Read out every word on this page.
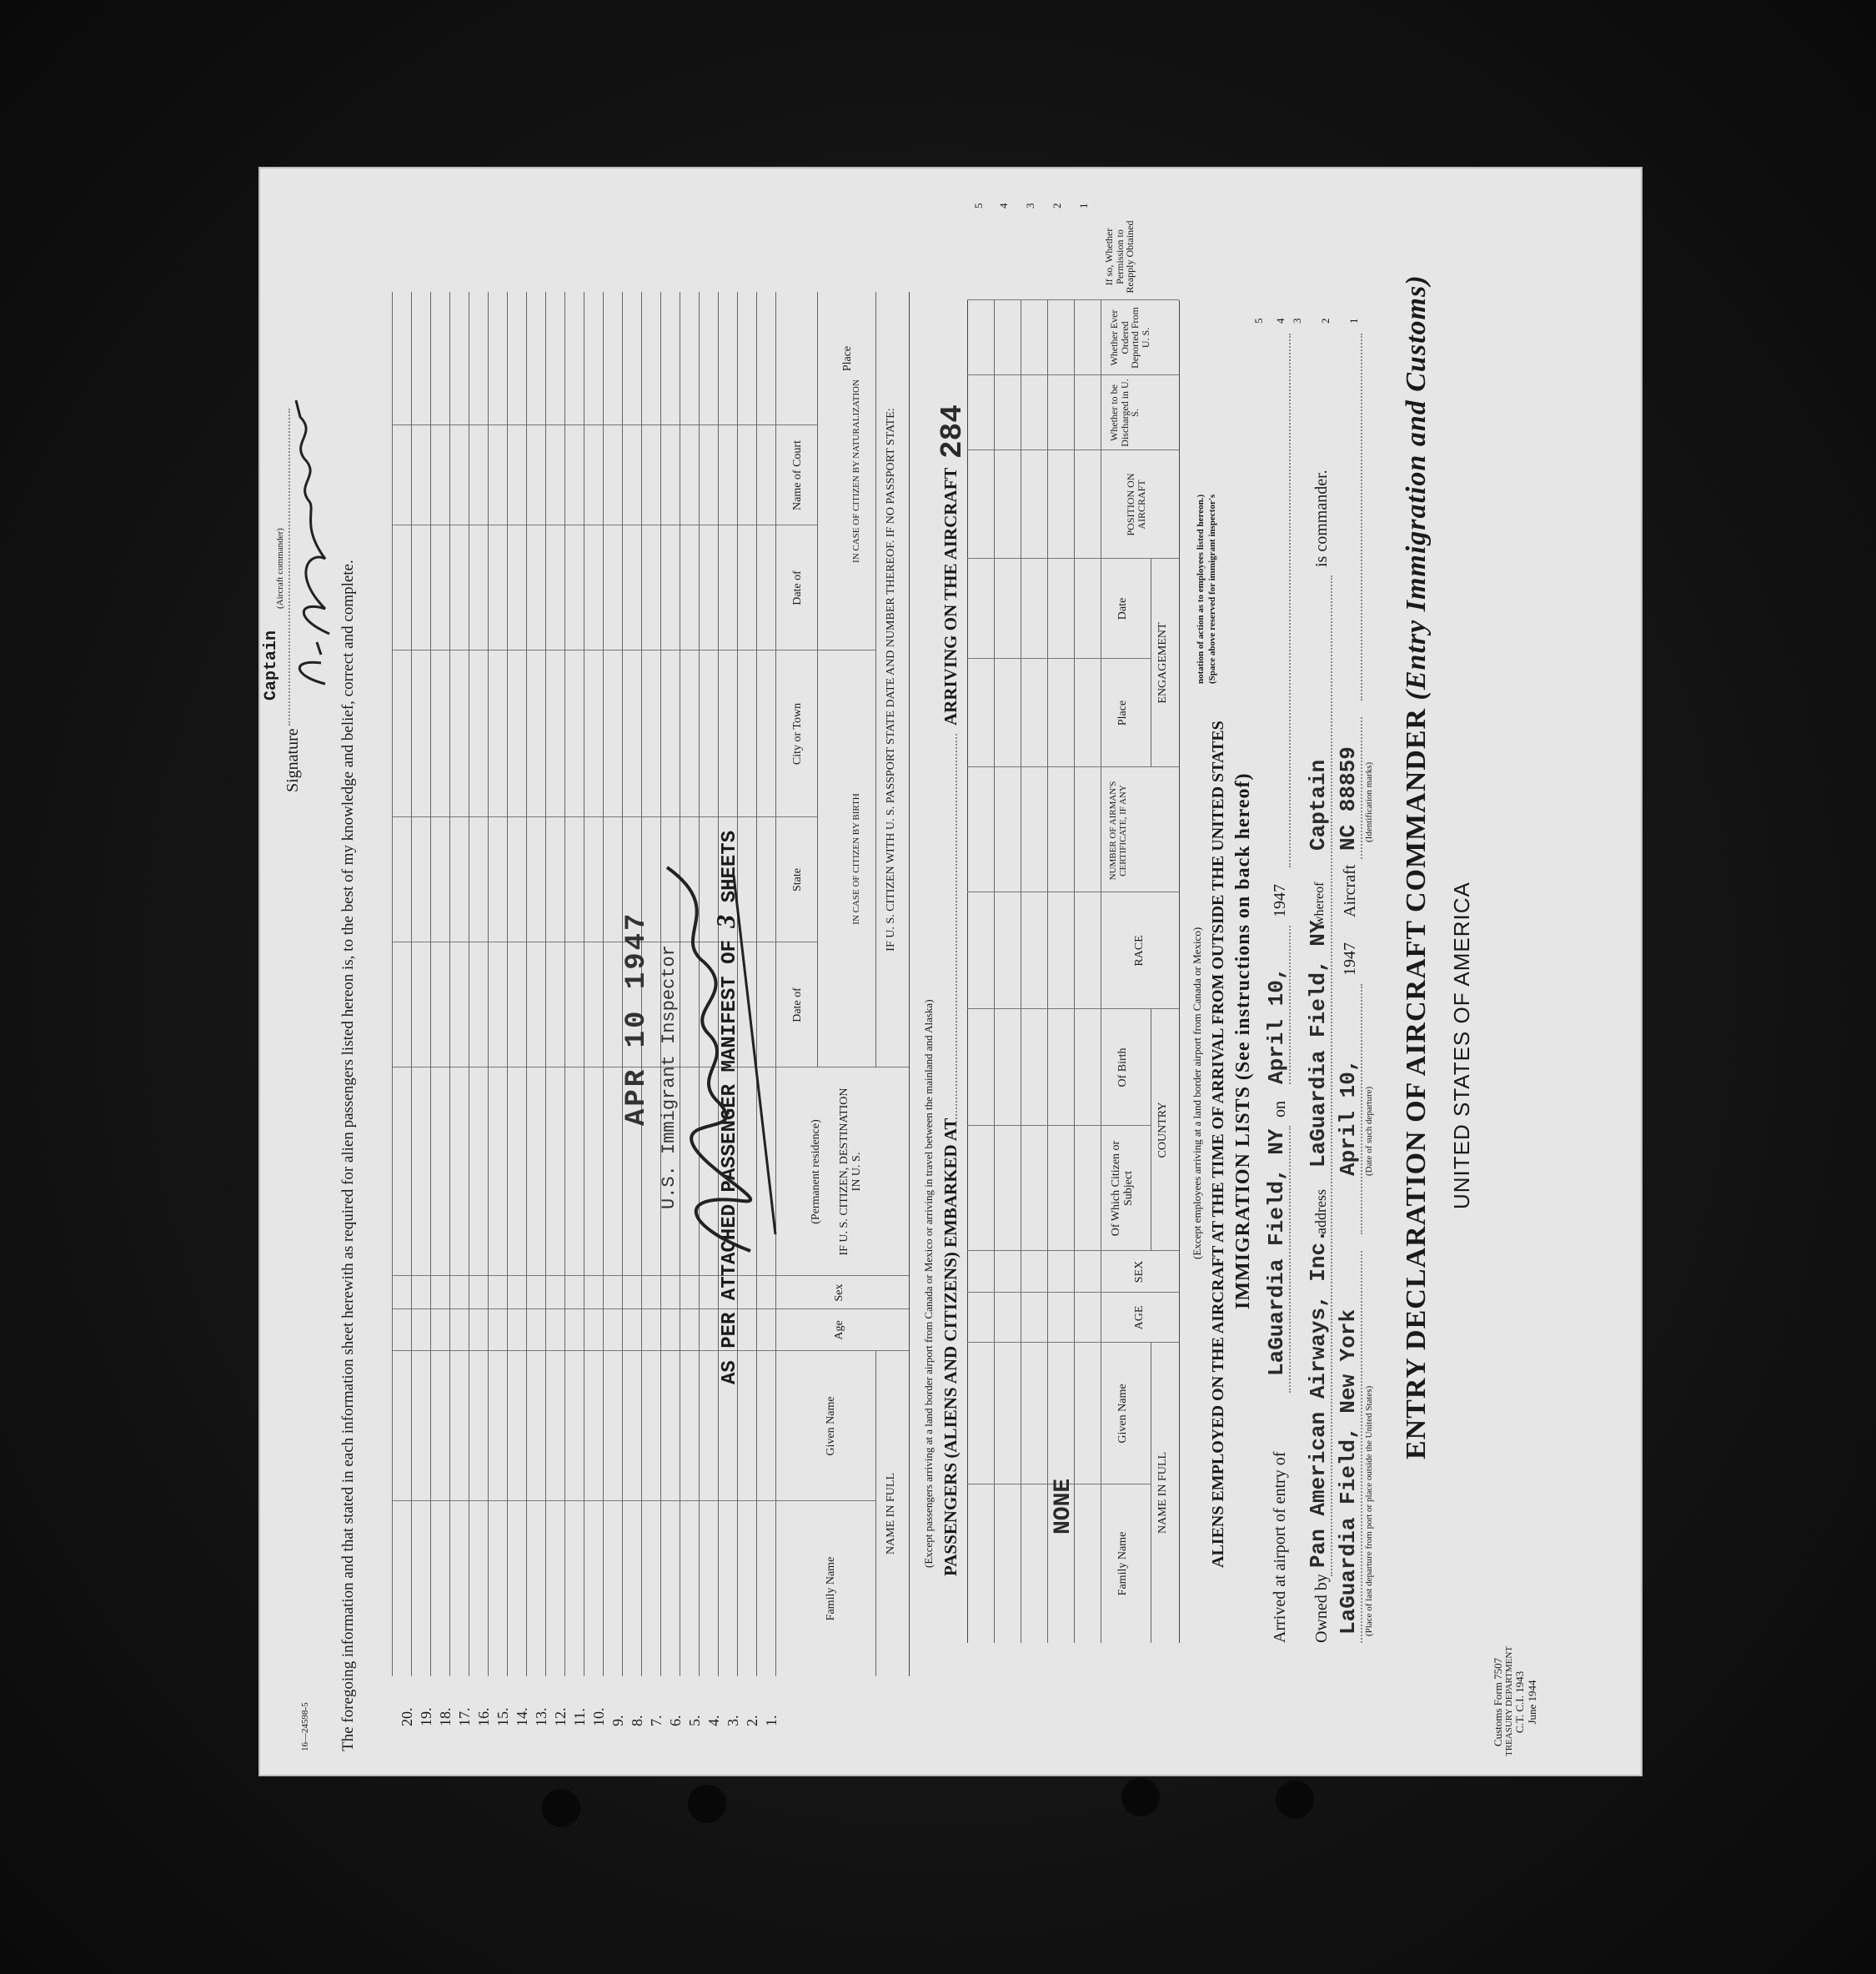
Customs Form 7507 TREASURY DEPARTMENT C.T. C.I. 1943 June 1944
UNITED STATES OF AMERICA
ENTRY DECLARATION OF AIRCRAFT COMMANDER (Entry Immigration and Customs)
LaGuardia Field, New York (Place of last departure from port or place outside the United States)
April 10, (Date of such departure)
1947
Aircraft
NC 88859 (Identification marks)
1
Owned by
Pan American Airways, Inc.
address
LaGuardia Field, NY
whereof
Captain
is commander.
2
3
Arrived at airport of entry of
LaGuardia Field, NY
on
April 10,
1947
4
5
IMMIGRATION LISTS (See instructions on back hereof)
ALIENS EMPLOYED ON THE AIRCRAFT AT THE TIME OF ARRIVAL FROM OUTSIDE THE UNITED STATES
(Except employees arriving at a land border airport from Canada or Mexico)
(Space above reserved for immigrant inspector's
notation of action as to employees listed hereon.)
NAME IN FULL
Family Name
Given Name
AGE
SEX
COUNTRY
Of Which Citizen or Subject
Of Birth
RACE
NUMBER OF AIRMAN'S CERTIFICATE, IF ANY
ENGAGEMENT
Place
Date
POSITION ON AIRCRAFT
Whether to be Discharged in U. S.
Whether Ever Ordered Deported From U. S.
If so, Whether Permission to Reapply Obtained
NONE
1
2
3
4
5
PASSENGERS (ALIENS AND CITIZENS) EMBARKED AT
ARRIVING ON THE AIRCRAFT
(Except passengers arriving at a land border airport from Canada or Mexico or arriving in travel between the mainland and Alaska)
284
NAME IN FULL
Family Name
Given Name
Age
Sex
IF U. S. CITIZEN, DESTINATION IN U. S.
(Permanent residence)
IF U. S. CITIZEN WITH U. S. PASSPORT STATE DATE AND NUMBER THEREOF. IF NO PASSPORT STATE:
IN CASE OF CITIZEN BY BIRTH
IN CASE OF CITIZEN BY NATURALIZATION
Date of
State
City or Town
Date of
Name of Court
Place
1.
2.
3.
4.
5.
6.
7.
8.
9.
10.
11.
12.
13.
14.
15.
16.
17.
18.
19.
20.
AS PER ATTACHED PASSENGER MANIFEST OF 3 SHEETS
U.S. Immigrant Inspector
APR 10 1947
The foregoing information and that stated in each information sheet herewith as required for alien passengers listed hereon is, to the best of my knowledge and belief, correct and complete.
16—24598-5
Signature
(Aircraft commander)
Captain
